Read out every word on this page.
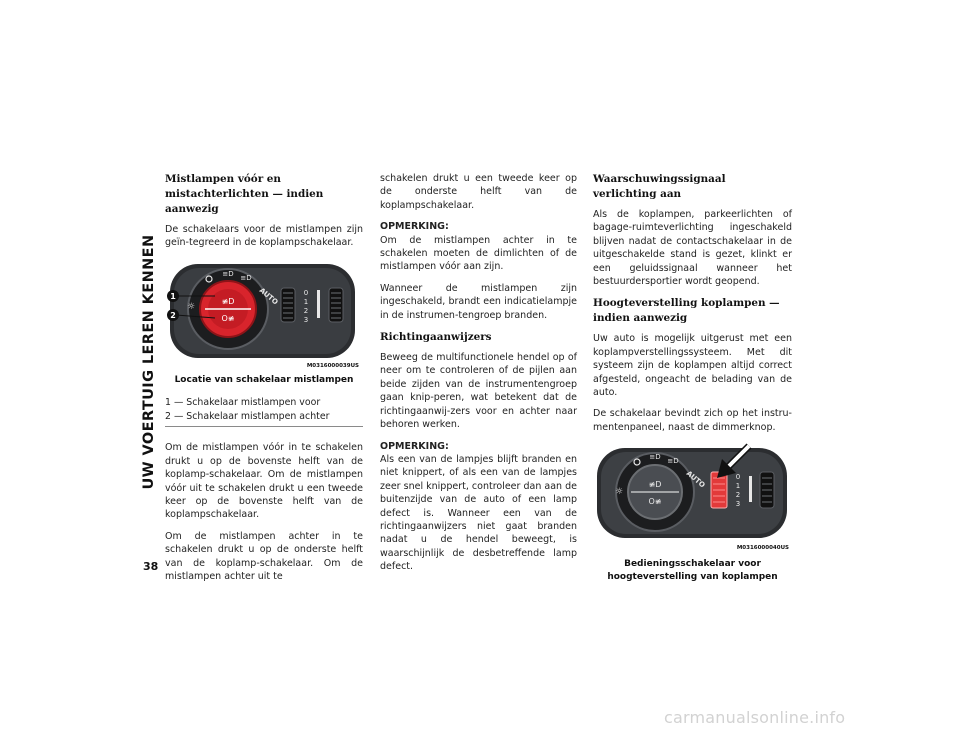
UW VOERTUIG LEREN KENNEN
38
Mistlampen vóór en mistachterlichten — indien aanwezig

De schakelaars voor de mistlampen zijn geïn-tegreerd in de koplampschakelaar.

≢D
O≢
☼
≡D ≡D
AUTO	0
1
2
3
1
2
M0316000039US
Locatie van schakelaar mistlampen
1 — Schakelaar mistlampen voor
2 — Schakelaar mistlampen achter

Om de mistlampen vóór in te schakelen drukt u op de bovenste helft van de koplamp-schakelaar. Om de mistlampen vóór uit te schakelen drukt u een tweede keer op de bovenste helft van de koplampschakelaar.

Om de mistlampen achter in te schakelen drukt u op de onderste helft van de koplamp-schakelaar. Om de mistlampen achter uit te

schakelen drukt u een tweede keer op de onderste helft van de koplampschakelaar.

OPMERKING:
Om de mistlampen achter in te schakelen moeten de dimlichten of de mistlampen vóór aan zijn.

Wanneer de mistlampen zijn ingeschakeld, brandt een indicatielampje in de instrumen-tengroep branden.

Richtingaanwijzers

Beweeg de multifunctionele hendel op of neer om te controleren of de pijlen aan beide zijden van de instrumentengroep gaan knip-peren, wat betekent dat de richtingaanwij-zers voor en achter naar behoren werken.

OPMERKING:
Als een van de lampjes blijft branden en niet knippert, of als een van de lampjes zeer snel knippert, controleer dan aan de buitenzijde van de auto of een lamp defect is. Wanneer een van de richtingaanwijzers niet gaat branden nadat u de hendel beweegt, is waarschijnlijk de desbetreffende lamp defect.

Waarschuwingssignaal verlichting aan

Als de koplampen, parkeerlichten of bagage-ruimteverlichting ingeschakeld blijven nadat de contactschakelaar in de uitgeschakelde stand is gezet, klinkt er een geluidssignaal wanneer het bestuurdersportier wordt geopend.

Hoogteverstelling koplampen — indien aanwezig

Uw auto is mogelijk uitgerust met een koplampverstellingssysteem. Met dit systeem zijn de koplampen altijd correct afgesteld, ongeacht de belading van de auto.

De schakelaar bevindt zich op het instru-mentenpaneel, naast de dimmerknop.

≢D
O≢
☼
≡D ≡D
AUTO	0
1
2
3
M0316000040US
Bedieningsschakelaar voor hoogteverstelling van koplampen
carmanualsonline.info
